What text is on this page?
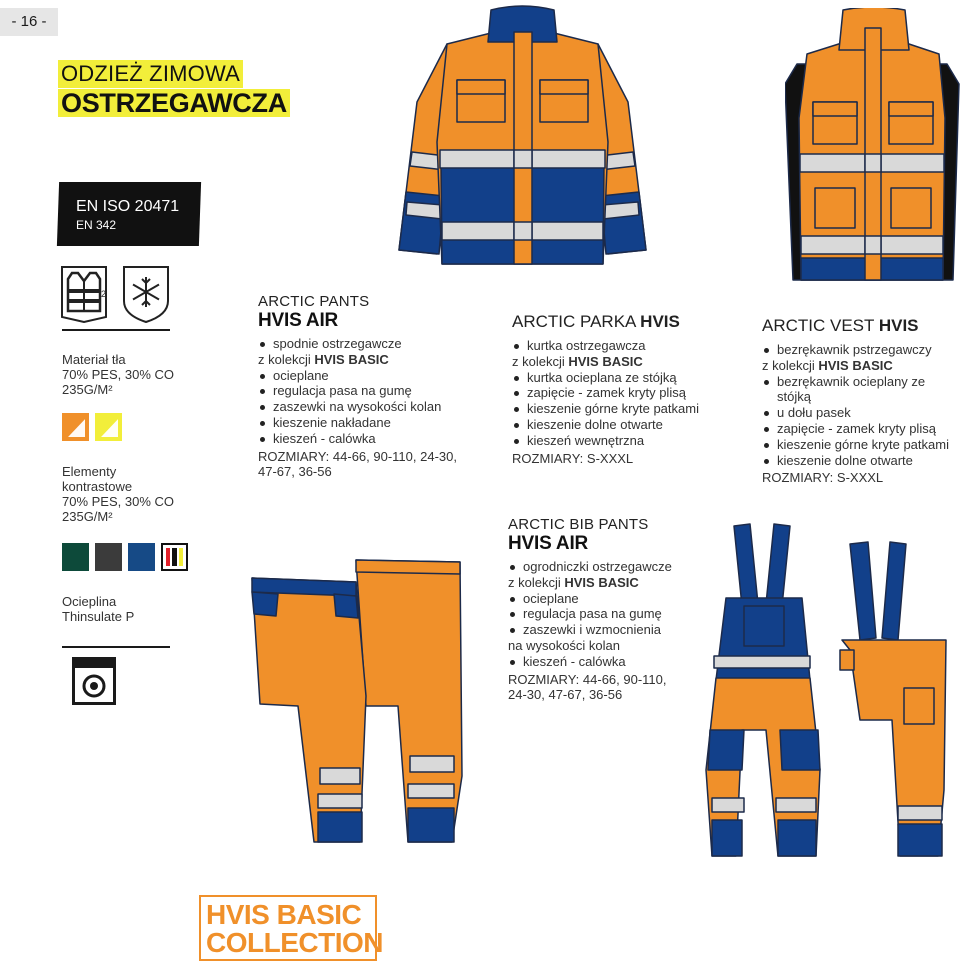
- 16 -
ODZIEŻ ZIMOWA
OSTRZEGAWCZA
EN ISO 20471
EN 342
2
Materiał tła
70% PES, 30% CO
235G/M²
Elementy
kontrastowe
70% PES, 30% CO
235G/M²
Ocieplina
Thinsulate P
ARCTIC PANTS
HVIS AIR
spodnie ostrzegawcze
z kolekcji HVIS BASIC
ocieplane
regulacja pasa na gumę
zaszewki na wysokości kolan
kieszenie nakładane
kieszeń - calówka
ROZMIARY: 44-66, 90-110, 24-30,
47-67, 36-56
ARCTIC PARKA HVIS
kurtka ostrzegawcza
z kolekcji HVIS BASIC
kurtka ocieplana ze stójką
zapięcie - zamek kryty plisą
kieszenie górne kryte patkami
kieszenie dolne otwarte
kieszeń wewnętrzna
ROZMIARY: S-XXXL
ARCTIC VEST HVIS
bezrękawnik pstrzegawczy
z kolekcji HVIS BASIC
bezrękawnik ocieplany ze stójką
u dołu pasek
zapięcie - zamek kryty plisą
kieszenie górne kryte patkami
kieszenie dolne otwarte
ROZMIARY: S-XXXL
ARCTIC BIB PANTS
HVIS AIR
ogrodniczki ostrzegawcze
z kolekcji HVIS BASIC
ocieplane
regulacja pasa na gumę
zaszewki i wzmocnienia
na wysokości kolan
kieszeń - calówka
ROZMIARY: 44-66, 90-110,
24-30, 47-67, 36-56
HVIS BASIC
COLLECTION
